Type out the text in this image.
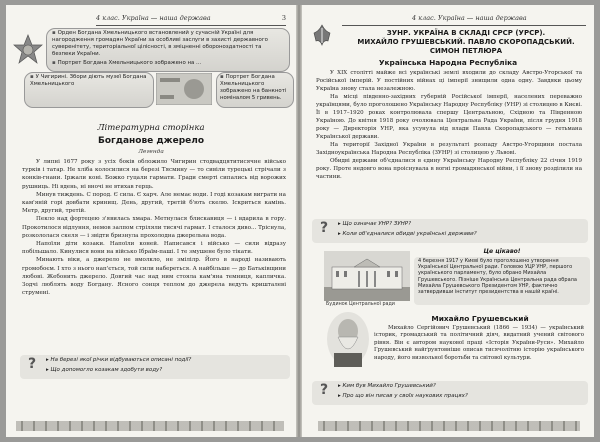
4 клас. Україна — наша держава	3
▪ Орден Богдана Хмельницького встановлений у сучасній Україні для нагородження громадян України за особливі заслуги в захисті державного суверенітету, територіальної цілісності, в зміцненні обороноздатності та безпеки України.
▪ Портрет Богдана Хмельницького зображено на ...
▪ У Чигирині. Збори діють музеї Богдана Хмельницького
▪ Портрет Богдана Хмельницького зображено на банкноті номіналом 5 гривень.
Літературна сторінка
Богданове джерело
Легенда

У липні 1677 року з усіх боків обложило Чигирин стодвадцятитисячне військо турків і татар. Не хліба колосилися на березі Тясмину — то сивіли турецькі стрічали з конків-гнани. Іржали коні. Божко гуцали гармати. Гради смерті сипались від ворожих рушниць. Ні вдень, ні вночі не втихав герць.

Минув тиждень. С пород. Є сила. Є харч. Але немає води. І годі козакам виграти на кам'яній горі довбати кринищ. День, другий, третій б'ють скелю. Іскриться камінь. Метр, другий, третій.

Пекло над фортецею з'явилась хмара. Метнулася блискавиця — і вдарила в гору. Прокотилося відлуння, немов залпом стріляли тисячі гармат. І сталося диво... Тріснула, розкололася скеля — і звідти бризнула прохолодна джерельна вода.

Напоїли діти козаки. Напоїли коней. Написався і військо — сили відразу побільшало. Кинулися вони на військо Ібраїм-паші. І те змушене було тікати.

Минають віки, а джерело не вмолкло, не змілілр. Його в народі називають громобоєм. І хто з нього нап'ється, той сили набереться. А найбільше — до Батьківщини любові. Жебонить джерело. Довгий час над ним стояла кам'яна темниця, капличка. Зодчі люблять воду Богдану. Ясного сонця теплом до джерела ведуть кришталеві струмені.

? ▸ На березі якої річки відбуваються описані події?
▸ Що допомогло козакам здобути воду?
4 клас. Україна — наша держава
ЗУНР. УКРАЇНА В СКЛАДІ СРСР (УРСР).
МИХАЙЛО ГРУШЕВСЬКИЙ. ПАВЛО СКОРОПАДСЬКИЙ.
СИМОН ПЕТЛЮРА
Українська Народна Республіка

У XIX столітті майже всі українські землі входили до складу Австро-Угорської та Російської імперій. У постійних війнах ці імперії знищили одна одну. Завдяки цьому Україна знову стала незалежною.

На місці південно-західних губерній Російської імперії, населених переважно українцями, було проголошено Українську Народну Республіку (УНР) зі столицею в Києві. Її в 1917–1920 роках контролювала спершу Центральною, Східною та Південною Україною. До квітня 1918 року очолювала Центральна Рада України, після грудня 1918 року — Директорія УНР, яка усунула від влади Павла Скоропадського — гетьмана Української держави.

На території Західної України в результаті розпаду Австро-Угорщини постала Західноукраїнська Народна Республіка (ЗУНР) зі столицею у Львові.

Обидві держави об'єдналися в єдину Українську Народну Республіку 22 січня 1919 року. Проте недовго вона проіснувала в вогні громадянської війни, і її знову розділили на частини.

? ▸ Що означає УНР? ЗУНР?
▸ Коли об'єдналися обидві українські держави?
Будинок Центральної ради
Це цікаво!
4 березня 1917 у Києві було проголошено утворення Української Центральної ради. Головою УЦР УНР, першого українського парламенту, було обрано Михайла Грушевського. Пізніше Українська Центральна рада обрала Михайла Грушевського Президентом УНР, фактично затвердивши інститут президентства в нашій країні.
Михайло Грушевський

Михайло Сергійович Грушевський (1866 — 1934) — український історик, громадський та політичний діяч, видатний учений світового рівня. Він є автором наукової праці «Історія України-Руси». Михайло Грушевський найґрунтовніше описав тисячолітню історію українського народу, його визвольної боротьби та світової культури.

? ▸ Ким був Михайло Грушевський?
▸ Про що він писав у своїх наукових працях?
